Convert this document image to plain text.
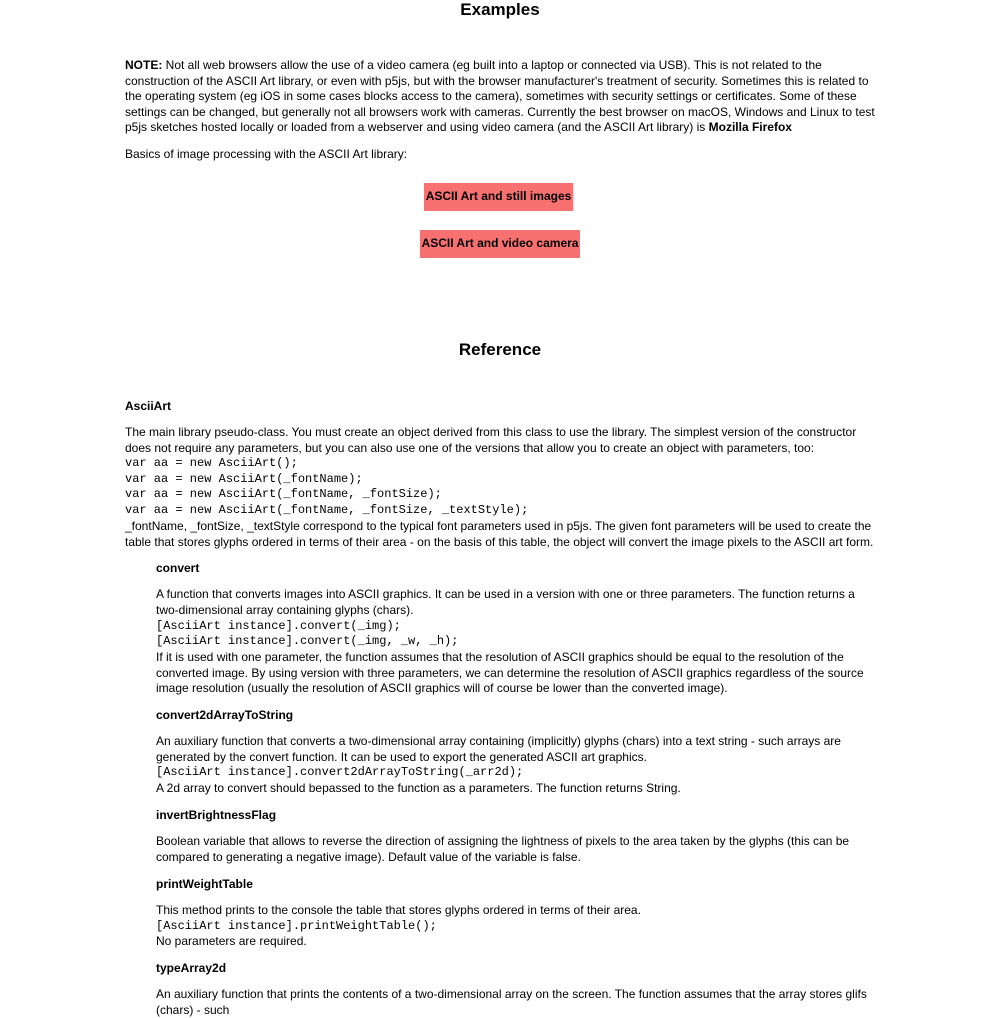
Examples

NOTE: Not all web browsers allow the use of a video camera (eg built into a laptop or connected via USB). This is not related to the construction of the ASCII Art library, or even with p5js, but with the browser manufacturer's treatment of security. Sometimes this is related to the operating system (eg iOS in some cases blocks access to the camera), sometimes with security settings or certificates. Some of these settings can be changed, but generally not all browsers work with cameras. Currently the best browser on macOS, Windows and Linux to test p5js sketches hosted locally or loaded from a webserver and using video camera (and the ASCII Art library) is Mozilla Firefox

Basics of image processing with the ASCII Art library:

ASCII Art and still images
ASCII Art and video camera
Reference

AsciiArt

The main library pseudo-class. You must create an object derived from this class to use the library. The simplest version of the constructor does not require any parameters, but you can also use one of the versions that allow you to create an object with parameters, too:

var aa = new AsciiArt();
var aa = new AsciiArt(_fontName);
var aa = new AsciiArt(_fontName, _fontSize);
var aa = new AsciiArt(_fontName, _fontSize, _textStyle);

_fontName, _fontSize, _textStyle correspond to the typical font parameters used in p5js. The given font parameters will be used to create the table that stores glyphs ordered in terms of their area - on the basis of this table, the object will convert the image pixels to the ASCII art form.

convert

A function that converts images into ASCII graphics. It can be used in a version with one or three parameters. The function returns a two-dimensional array containing glyphs (chars).

[AsciiArt instance].convert(_img);
[AsciiArt instance].convert(_img, _w, _h);

If it is used with one parameter, the function assumes that the resolution of ASCII graphics should be equal to the resolution of the converted image. By using version with three parameters, we can determine the resolution of ASCII graphics regardless of the source image resolution (usually the resolution of ASCII graphics will of course be lower than the converted image).

convert2dArrayToString

An auxiliary function that converts a two-dimensional array containing (implicitly) glyphs (chars) into a text string - such arrays are generated by the convert function. It can be used to export the generated ASCII art graphics.

[AsciiArt instance].convert2dArrayToString(_arr2d);

A 2d array to convert should bepassed to the function as a parameters. The function returns String.

invertBrightnessFlag

Boolean variable that allows to reverse the direction of assigning the lightness of pixels to the area taken by the glyphs (this can be compared to generating a negative image). Default value of the variable is false.

printWeightTable

This method prints to the console the table that stores glyphs ordered in terms of their area.

[AsciiArt instance].printWeightTable();

No parameters are required.

typeArray2d

An auxiliary function that prints the contents of a two-dimensional array on the screen. The function assumes that the array stores glifs (chars) - such
